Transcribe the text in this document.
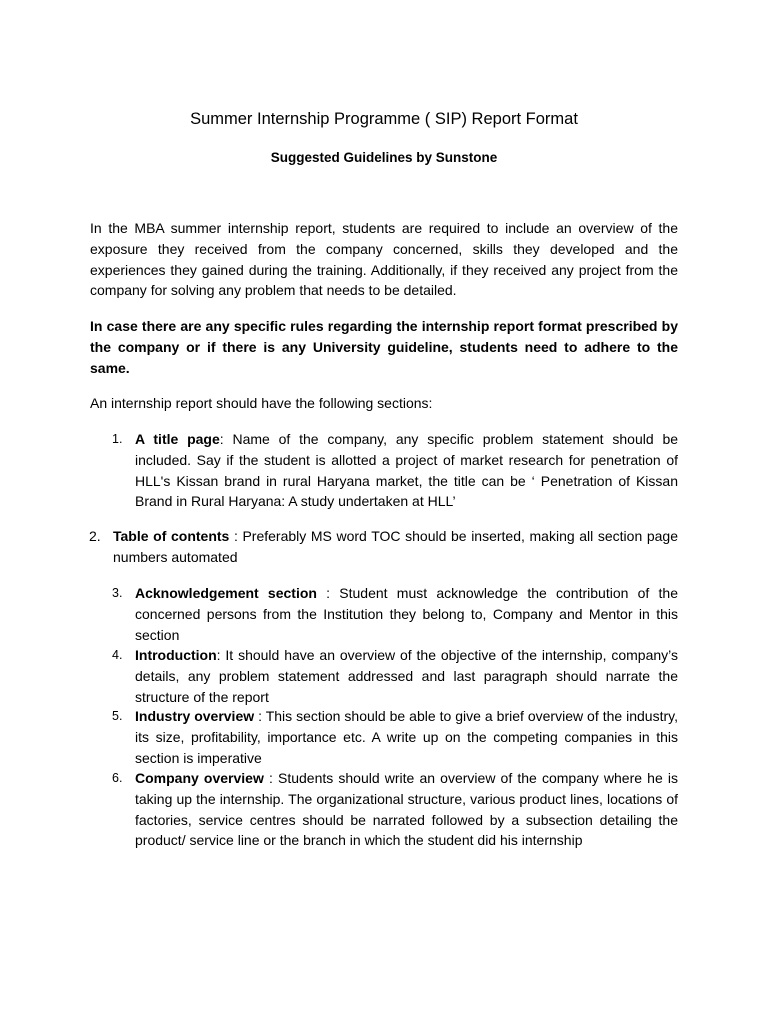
Summer Internship Programme ( SIP) Report Format
Suggested Guidelines by Sunstone

In the MBA summer internship report, students are required to include an overview of the exposure they received from the company concerned, skills they developed and the experiences they gained during the training. Additionally, if they received any project from the company for solving any problem that needs to be detailed.

In case there are any specific rules regarding the internship report format prescribed by the company or if there is any University guideline, students need to adhere to the same.

An internship report should have the following sections:

1. A title page: Name of the company, any specific problem statement should be included. Say if the student is allotted a project of market research for penetration of HLL's Kissan brand in rural Haryana market, the title can be ‘ Penetration of Kissan Brand in Rural Haryana: A study undertaken at HLL’
2. Table of contents : Preferably MS word TOC should be inserted, making all section page numbers automated
3. Acknowledgement section : Student must acknowledge the contribution of the concerned persons from the Institution they belong to, Company and Mentor in this section
4. Introduction: It should have an overview of the objective of the internship, company’s details, any problem statement addressed and last paragraph should narrate the structure of the report
5. Industry overview : This section should be able to give a brief overview of the industry, its size, profitability, importance etc. A write up on the competing companies in this section is imperative
6. Company overview : Students should write an overview of the company where he is taking up the internship. The organizational structure, various product lines, locations of factories, service centres should be narrated followed by a subsection detailing the product/ service line or the branch in which the student did his internship
